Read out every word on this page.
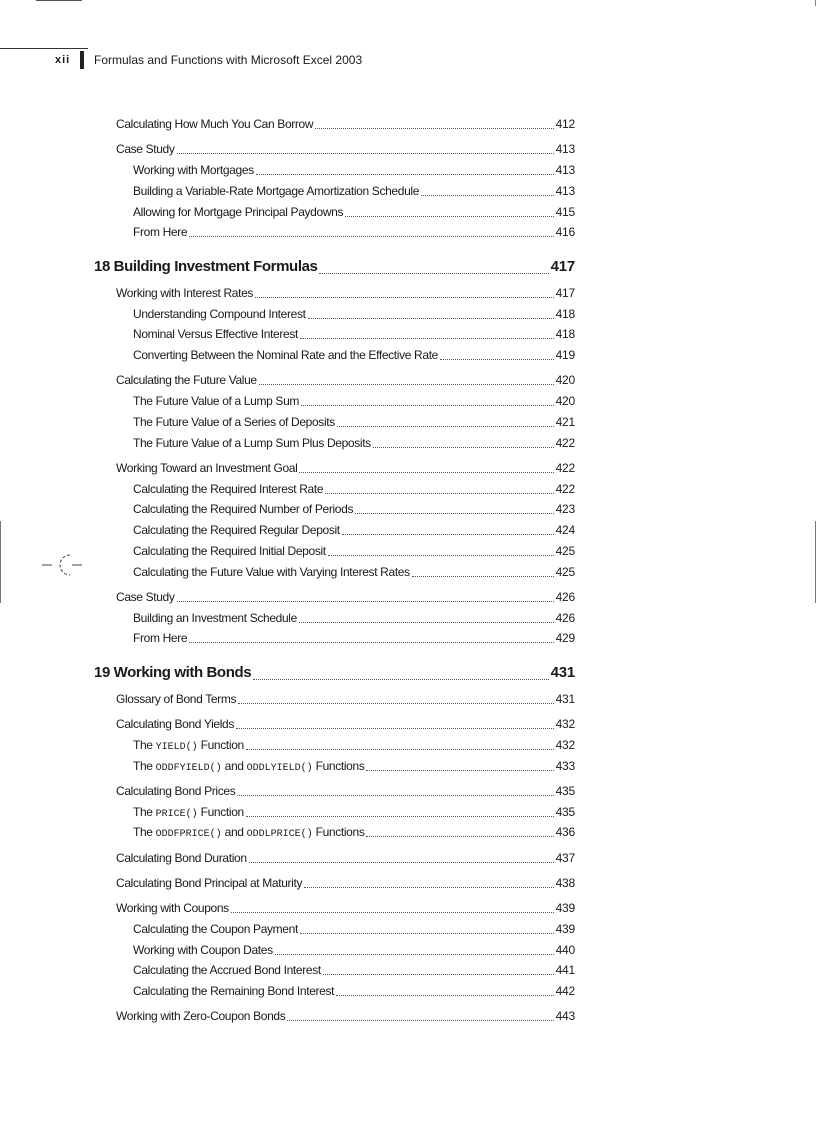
xii Formulas and Functions with Microsoft Excel 2003
Calculating How Much You Can Borrow	412
Case Study	413
Working with Mortgages	413
Building a Variable-Rate Mortgage Amortization Schedule	413
Allowing for Mortgage Principal Paydowns	415
From Here	416
18 Building Investment Formulas	417
Working with Interest Rates	417
Understanding Compound Interest	418
Nominal Versus Effective Interest	418
Converting Between the Nominal Rate and the Effective Rate	419
Calculating the Future Value	420
The Future Value of a Lump Sum	420
The Future Value of a Series of Deposits	421
The Future Value of a Lump Sum Plus Deposits	422
Working Toward an Investment Goal	422
Calculating the Required Interest Rate	422
Calculating the Required Number of Periods	423
Calculating the Required Regular Deposit	424
Calculating the Required Initial Deposit	425
Calculating the Future Value with Varying Interest Rates	425
Case Study	426
Building an Investment Schedule	426
From Here	429
19 Working with Bonds	431
Glossary of Bond Terms	431
Calculating Bond Yields	432
The YIELD() Function	432
The ODDFYIELD() and ODDLYIELD() Functions	433
Calculating Bond Prices	435
The PRICE() Function	435
The ODDFPRICE() and ODDLPRICE() Functions	436
Calculating Bond Duration	437
Calculating Bond Principal at Maturity	438
Working with Coupons	439
Calculating the Coupon Payment	439
Working with Coupon Dates	440
Calculating the Accrued Bond Interest	441
Calculating the Remaining Bond Interest	442
Working with Zero-Coupon Bonds	443
